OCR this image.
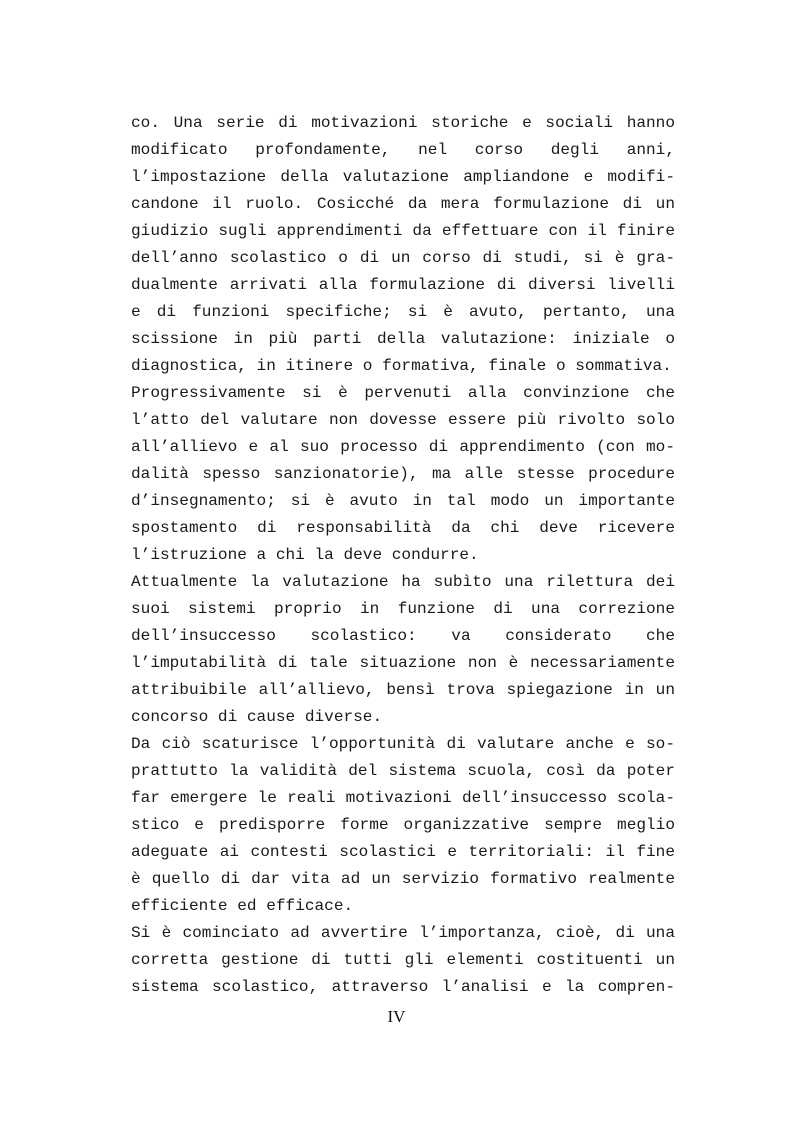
co. Una serie di motivazioni storiche e sociali hanno
modificato profondamente, nel corso degli anni,
l’impostazione della valutazione ampliandone e modifi-
candone il ruolo. Cosicché da mera formulazione di un
giudizio sugli apprendimenti da effettuare con il finire
dell’anno scolastico o di un corso di studi, si è gra-
dualmente arrivati alla formulazione di diversi livelli
e di funzioni specifiche; si è avuto, pertanto, una
scissione in più parti della valutazione: iniziale o
diagnostica, in itinere o formativa, finale o sommativa.
Progressivamente si è pervenuti alla convinzione che
l’atto del valutare non dovesse essere più rivolto solo
all’allievo e al suo processo di apprendimento (con mo-
dalità spesso sanzionatorie), ma alle stesse procedure
d’insegnamento; si è avuto in tal modo un importante
spostamento di responsabilità da chi deve ricevere
l’istruzione a chi la deve condurre.
Attualmente la valutazione ha subìto una rilettura dei
suoi sistemi proprio in funzione di una correzione
dell’insuccesso scolastico: va considerato che
l’imputabilità di tale situazione non è necessariamente
attribuibile all’allievo, bensì trova spiegazione in un
concorso di cause diverse.
Da ciò scaturisce l’opportunità di valutare anche e so-
prattutto la validità del sistema scuola, così da poter
far emergere le reali motivazioni dell’insuccesso scola-
stico e predisporre forme organizzative sempre meglio
adeguate ai contesti scolastici e territoriali: il fine
è quello di dar vita ad un servizio formativo realmente
efficiente ed efficace.
Si è cominciato ad avvertire l’importanza, cioè, di una
corretta gestione di tutti gli elementi costituenti un
sistema scolastico, attraverso l’analisi e la compren-
IV
